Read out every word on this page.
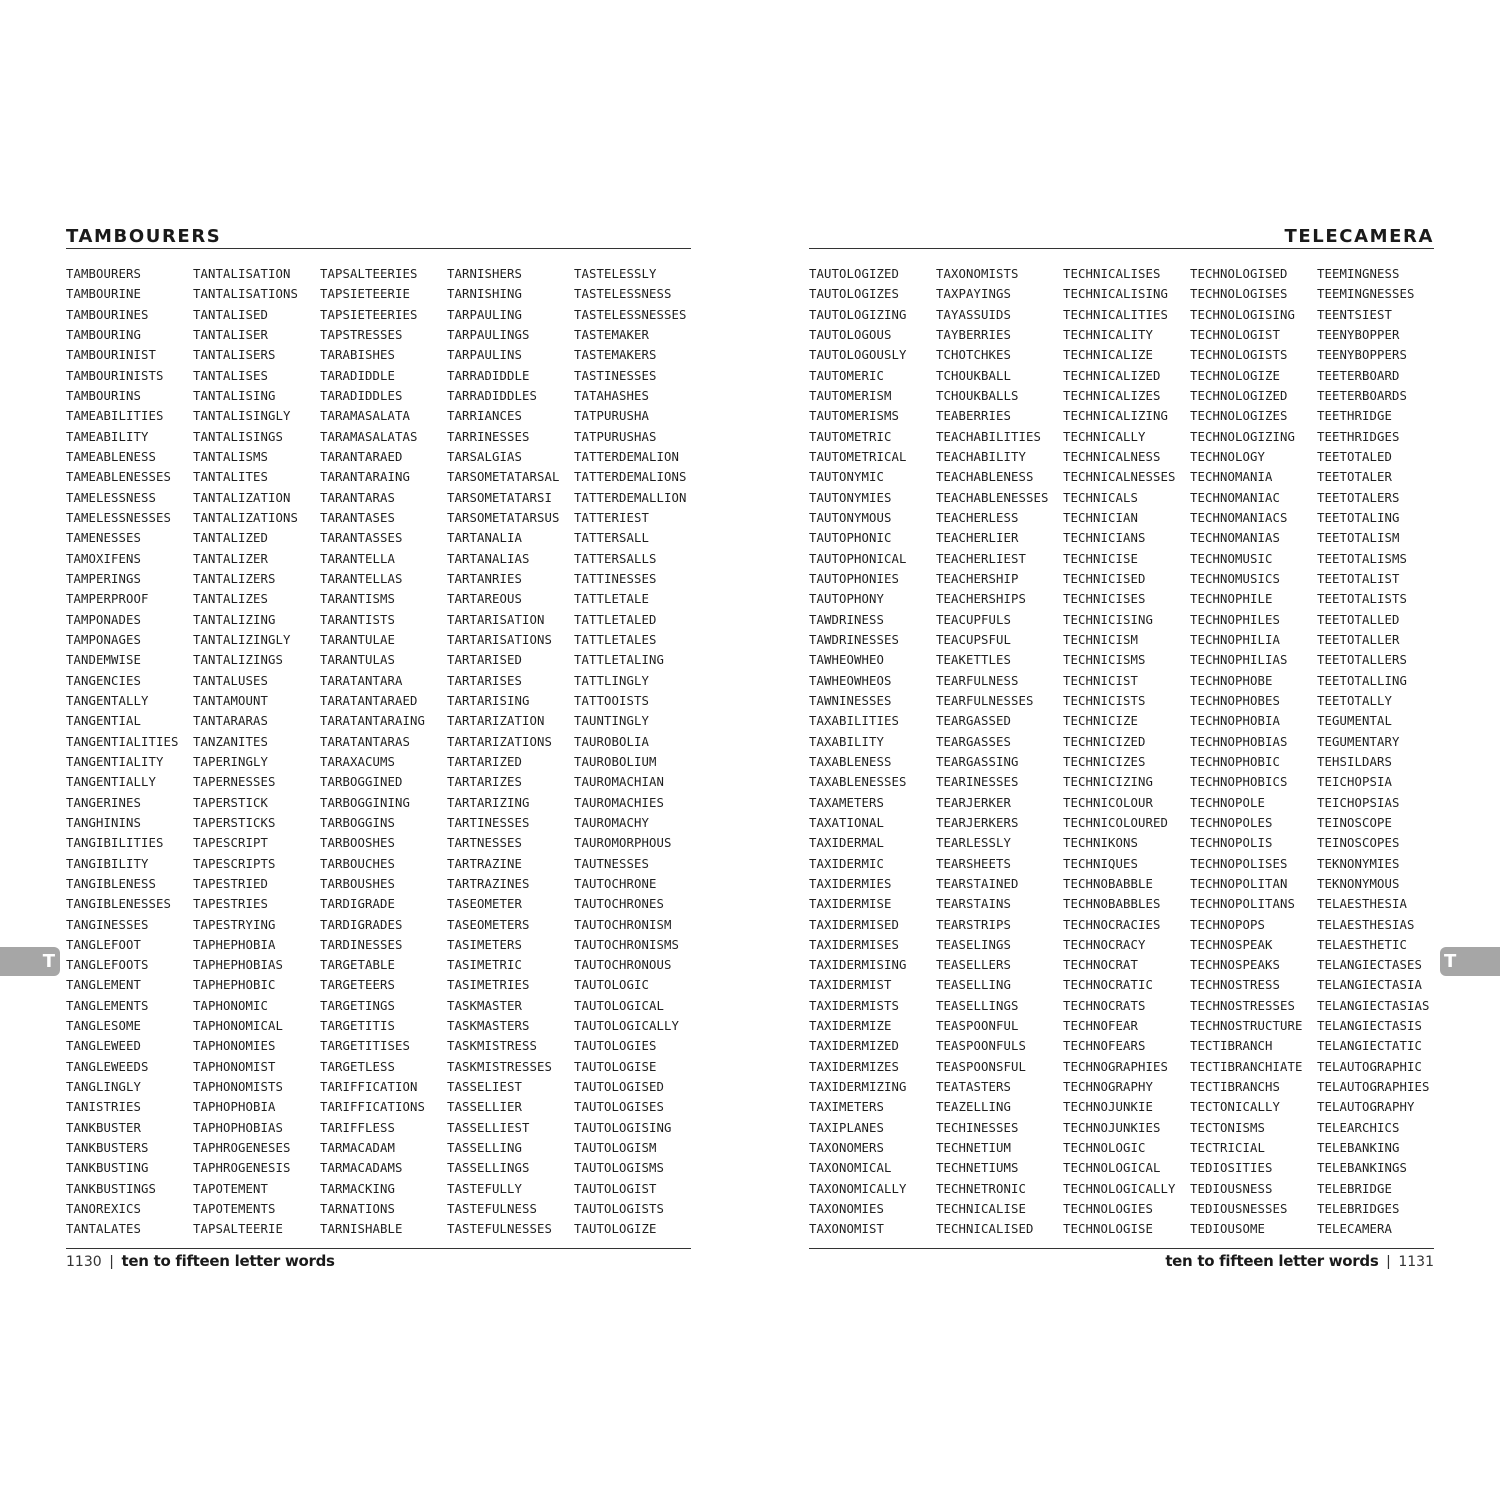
TAMBOURERS
TAMBOURERS
TAMBOURINE
TAMBOURINES
TAMBOURING
TAMBOURINIST
TAMBOURINISTS
TAMBOURINS
TAMEABILITIES
TAMEABILITY
TAMEABLENESS
TAMEABLENESSES
TAMELESSNESS
TAMELESSNESSES
TAMENESSES
TAMOXIFENS
TAMPERINGS
TAMPERPROOF
TAMPONADES
TAMPONAGES
TANDEMWISE
TANGENCIES
TANGENTALLY
TANGENTIAL
TANGENTIALITIES
TANGENTIALITY
TANGENTIALLY
TANGERINES
TANGHININS
TANGIBILITIES
TANGIBILITY
TANGIBLENESS
TANGIBLENESSES
TANGINESSES
TANGLEFOOT
TANGLEFOOTS
TANGLEMENT
TANGLEMENTS
TANGLESOME
TANGLEWEED
TANGLEWEEDS
TANGLINGLY
TANISTRIES
TANKBUSTER
TANKBUSTERS
TANKBUSTING
TANKBUSTINGS
TANOREXICS
TANTALATES
TANTALISATION
TANTALISATIONS
TANTALISED
TANTALISER
TANTALISERS
TANTALISES
TANTALISING
TANTALISINGLY
TANTALISINGS
TANTALISMS
TANTALITES
TANTALIZATION
TANTALIZATIONS
TANTALIZED
TANTALIZER
TANTALIZERS
TANTALIZES
TANTALIZING
TANTALIZINGLY
TANTALIZINGS
TANTALUSES
TANTAMOUNT
TANTARARAS
TANZANITES
TAPERINGLY
TAPERNESSES
TAPERSTICK
TAPERSTICKS
TAPESCRIPT
TAPESCRIPTS
TAPESTRIED
TAPESTRIES
TAPESTRYING
TAPHEPHOBIA
TAPHEPHOBIAS
TAPHEPHOBIC
TAPHONOMIC
TAPHONOMICAL
TAPHONOMIES
TAPHONOMIST
TAPHONOMISTS
TAPHOPHOBIA
TAPHOPHOBIAS
TAPHROGENESES
TAPHROGENESIS
TAPOTEMENT
TAPOTEMENTS
TAPSALTEERIE
TAPSALTEERIES
TAPSIETEERIE
TAPSIETEERIES
TAPSTRESSES
TARABISHES
TARADIDDLE
TARADIDDLES
TARAMASALATA
TARAMASALATAS
TARANTARAED
TARANTARAING
TARANTARAS
TARANTASES
TARANTASSES
TARANTELLA
TARANTELLAS
TARANTISMS
TARANTISTS
TARANTULAE
TARANTULAS
TARATANTARA
TARATANTARAED
TARATANTARAING
TARATANTARAS
TARAXACUMS
TARBOGGINED
TARBOGGINING
TARBOGGINS
TARBOOSHES
TARBOUCHES
TARBOUSHES
TARDIGRADE
TARDIGRADES
TARDINESSES
TARGETABLE
TARGETEERS
TARGETINGS
TARGETITIS
TARGETITISES
TARGETLESS
TARIFFICATION
TARIFFICATIONS
TARIFFLESS
TARMACADAM
TARMACADAMS
TARMACKING
TARNATIONS
TARNISHABLE
TARNISHERS
TARNISHING
TARPAULING
TARPAULINGS
TARPAULINS
TARRADIDDLE
TARRADIDDLES
TARRIANCES
TARRINESSES
TARSALGIAS
TARSOMETATARSAL
TARSOMETATARSI
TARSOMETATARSUS
TARTANALIA
TARTANALIAS
TARTANRIES
TARTAREOUS
TARTARISATION
TARTARISATIONS
TARTARISED
TARTARISES
TARTARISING
TARTARIZATION
TARTARIZATIONS
TARTARIZED
TARTARIZES
TARTARIZING
TARTINESSES
TARTNESSES
TARTRAZINE
TARTRAZINES
TASEOMETER
TASEOMETERS
TASIMETERS
TASIMETRIC
TASIMETRIES
TASKMASTER
TASKMASTERS
TASKMISTRESS
TASKMISTRESSES
TASSELIEST
TASSELLIER
TASSELLIEST
TASSELLING
TASSELLINGS
TASTEFULLY
TASTEFULNESS
TASTEFULNESSES
TASTELESSLY
TASTELESSNESS
TASTELESSNESSES
TASTEMAKER
TASTEMAKERS
TASTINESSES
TATAHASHES
TATPURUSHA
TATPURUSHAS
TATTERDEMALION
TATTERDEMALIONS
TATTERDEMALLION
TATTERIEST
TATTERSALL
TATTERSALLS
TATTINESSES
TATTLETALE
TATTLETALED
TATTLETALES
TATTLETALING
TATTLINGLY
TATTOOISTS
TAUNTINGLY
TAUROBOLIA
TAUROBOLIUM
TAUROMACHIAN
TAUROMACHIES
TAUROMACHY
TAUROMORPHOUS
TAUTNESSES
TAUTOCHRONE
TAUTOCHRONES
TAUTOCHRONISM
TAUTOCHRONISMS
TAUTOCHRONOUS
TAUTOLOGIC
TAUTOLOGICAL
TAUTOLOGICALLY
TAUTOLOGIES
TAUTOLOGISE
TAUTOLOGISED
TAUTOLOGISES
TAUTOLOGISING
TAUTOLOGISM
TAUTOLOGISMS
TAUTOLOGIST
TAUTOLOGISTS
TAUTOLOGIZE
1130 | ten to fifteen letter words
TELECAMERA
TAUTOLOGIZED
TAUTOLOGIZES
TAUTOLOGIZING
TAUTOLOGOUS
TAUTOLOGOUSLY
TAUTOMERIC
TAUTOMERISM
TAUTOMERISMS
TAUTOMETRIC
TAUTOMETRICAL
TAUTONYMIC
TAUTONYMIES
TAUTONYMOUS
TAUTOPHONIC
TAUTOPHONICAL
TAUTOPHONIES
TAUTOPHONY
TAWDRINESS
TAWDRINESSES
TAWHEOWHEO
TAWHEOWHEOS
TAWNINESSES
TAXABILITIES
TAXABILITY
TAXABLENESS
TAXABLENESSES
TAXAMETERS
TAXATIONAL
TAXIDERMAL
TAXIDERMIC
TAXIDERMIES
TAXIDERMISE
TAXIDERMISED
TAXIDERMISES
TAXIDERMISING
TAXIDERMIST
TAXIDERMISTS
TAXIDERMIZE
TAXIDERMIZED
TAXIDERMIZES
TAXIDERMIZING
TAXIMETERS
TAXIPLANES
TAXONOMERS
TAXONOMICAL
TAXONOMICALLY
TAXONOMIES
TAXONOMIST
TAXONOMISTS
TAXPAYINGS
TAYASSUIDS
TAYBERRIES
TCHOTCHKES
TCHOUKBALL
TCHOUKBALLS
TEABERRIES
TEACHABILITIES
TEACHABILITY
TEACHABLENESS
TEACHABLENESSES
TEACHERLESS
TEACHERLIER
TEACHERLIEST
TEACHERSHIP
TEACHERSHIPS
TEACUPFULS
TEACUPSFUL
TEAKETTLES
TEARFULNESS
TEARFULNESSES
TEARGASSED
TEARGASSES
TEARGASSING
TEARINESSES
TEARJERKER
TEARJERKERS
TEARLESSLY
TEARSHEETS
TEARSTAINED
TEARSTAINS
TEARSTRIPS
TEASELINGS
TEASELLERS
TEASELLING
TEASELLINGS
TEASPOONFUL
TEASPOONFULS
TEASPOONSFUL
TEATASTERS
TEAZELLING
TECHINESSES
TECHNETIUM
TECHNETIUMS
TECHNETRONIC
TECHNICALISE
TECHNICALISED
TECHNICALISES
TECHNICALISING
TECHNICALITIES
TECHNICALITY
TECHNICALIZE
TECHNICALIZED
TECHNICALIZES
TECHNICALIZING
TECHNICALLY
TECHNICALNESS
TECHNICALNESSES
TECHNICALS
TECHNICIAN
TECHNICIANS
TECHNICISE
TECHNICISED
TECHNICISES
TECHNICISING
TECHNICISM
TECHNICISMS
TECHNICIST
TECHNICISTS
TECHNICIZE
TECHNICIZED
TECHNICIZES
TECHNICIZING
TECHNICOLOUR
TECHNICOLOURED
TECHNIKONS
TECHNIQUES
TECHNOBABBLE
TECHNOBABBLES
TECHNOCRACIES
TECHNOCRACY
TECHNOCRAT
TECHNOCRATIC
TECHNOCRATS
TECHNOFEAR
TECHNOFEARS
TECHNOGRAPHIES
TECHNOGRAPHY
TECHNOJUNKIE
TECHNOJUNKIES
TECHNOLOGIC
TECHNOLOGICAL
TECHNOLOGICALLY
TECHNOLOGIES
TECHNOLOGISE
TECHNOLOGISED
TECHNOLOGISES
TECHNOLOGISING
TECHNOLOGIST
TECHNOLOGISTS
TECHNOLOGIZE
TECHNOLOGIZED
TECHNOLOGIZES
TECHNOLOGIZING
TECHNOLOGY
TECHNOMANIA
TECHNOMANIAC
TECHNOMANIACS
TECHNOMANIAS
TECHNOMUSIC
TECHNOMUSICS
TECHNOPHILE
TECHNOPHILES
TECHNOPHILIA
TECHNOPHILIAS
TECHNOPHOBE
TECHNOPHOBES
TECHNOPHOBIA
TECHNOPHOBIAS
TECHNOPHOBIC
TECHNOPHOBICS
TECHNOPOLE
TECHNOPOLES
TECHNOPOLIS
TECHNOPOLISES
TECHNOPOLITAN
TECHNOPOLITANS
TECHNOPOPS
TECHNOSPEAK
TECHNOSPEAKS
TECHNOSTRESS
TECHNOSTRESSES
TECHNOSTRUCTURE
TECTIBRANCH
TECTIBRANCHIATE
TECTIBRANCHS
TECTONICALLY
TECTONISMS
TECTRICIAL
TEDIOSITIES
TEDIOUSNESS
TEDIOUSNESSES
TEDIOUSOME
TEEMINGNESS
TEEMINGNESSES
TEENTSIEST
TEENYBOPPER
TEENYBOPPERS
TEETERBOARD
TEETERBOARDS
TEETHRIDGE
TEETHRIDGES
TEETOTALED
TEETOTALER
TEETOTALERS
TEETOTALING
TEETOTALISM
TEETOTALISMS
TEETOTALIST
TEETOTALISTS
TEETOTALLED
TEETOTALLER
TEETOTALLERS
TEETOTALLING
TEETOTALLY
TEGUMENTAL
TEGUMENTARY
TEHSILDARS
TEICHOPSIA
TEICHOPSIAS
TEINOSCOPE
TEINOSCOPES
TEKNONYMIES
TEKNONYMOUS
TELAESTHESIA
TELAESTHESIAS
TELAESTHETIC
TELANGIECTASES
TELANGIECTASIA
TELANGIECTASIAS
TELANGIECTASIS
TELANGIECTATIC
TELAUTOGRAPHIC
TELAUTOGRAPHIES
TELAUTOGRAPHY
TELEARCHICS
TELEBANKING
TELEBANKINGS
TELEBRIDGE
TELEBRIDGES
TELECAMERA
ten to fifteen letter words | 1131
T	T
